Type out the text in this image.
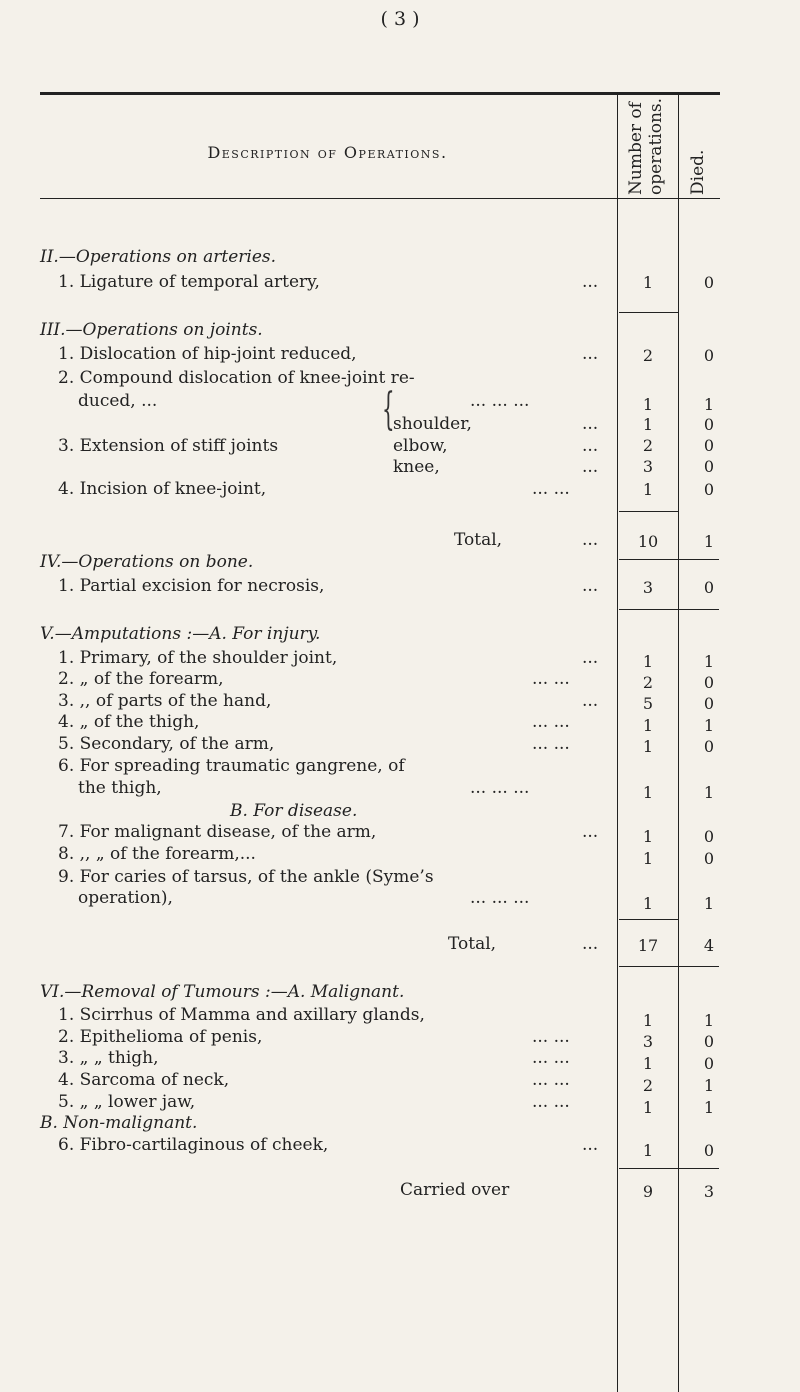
( 3 )
Description of Operations.	Number of operations. Died.
II.—Operations on arteries.
1. Ligature of temporal artery,	...	1	0
III.—Operations on joints.
1. Dislocation of hip-joint reduced,	...	2	0
2. Compound dislocation of knee-joint re-
duced, ...	... ... ...	1	1
{
shoulder,	...	1	0
3. Extension of stiff joints	elbow,	...	2	0
knee,	...	3	0
4. Incision of knee-joint,	... ...	1	0
Total,	...	10	1
IV.—Operations on bone.
1. Partial excision for necrosis,	...	3	0
V.—Amputations :—A. For injury.
1. Primary, of the shoulder joint,	...	1	1
2. „ of the forearm,	... ...	2	0
3. ,, of parts of the hand,	...	5	0
4. „ of the thigh,	... ...	1	1
5. Secondary, of the arm,	... ...	1	0
6. For spreading traumatic gangrene, of
the thigh,	... ... ...	1	1
B. For disease.
7. For malignant disease, of the arm,	...	1	0
8. ,, „ of the forearm,...	1	0
9. For caries of tarsus, of the ankle (Syme’s
operation),	... ... ...	1	1
Total,	...	17	4
VI.—Removal of Tumours :—A. Malignant.
1. Scirrhus of Mamma and axillary glands,	1	1
2. Epithelioma of penis,	... ...	3	0
3. „ „ thigh,	... ...	1	0
4. Sarcoma of neck,	... ...	2	1
5. „ „ lower jaw,	... ...	1	1
B. Non-malignant.
6. Fibro-cartilaginous of cheek,	...	1	0
Carried over	9	3
